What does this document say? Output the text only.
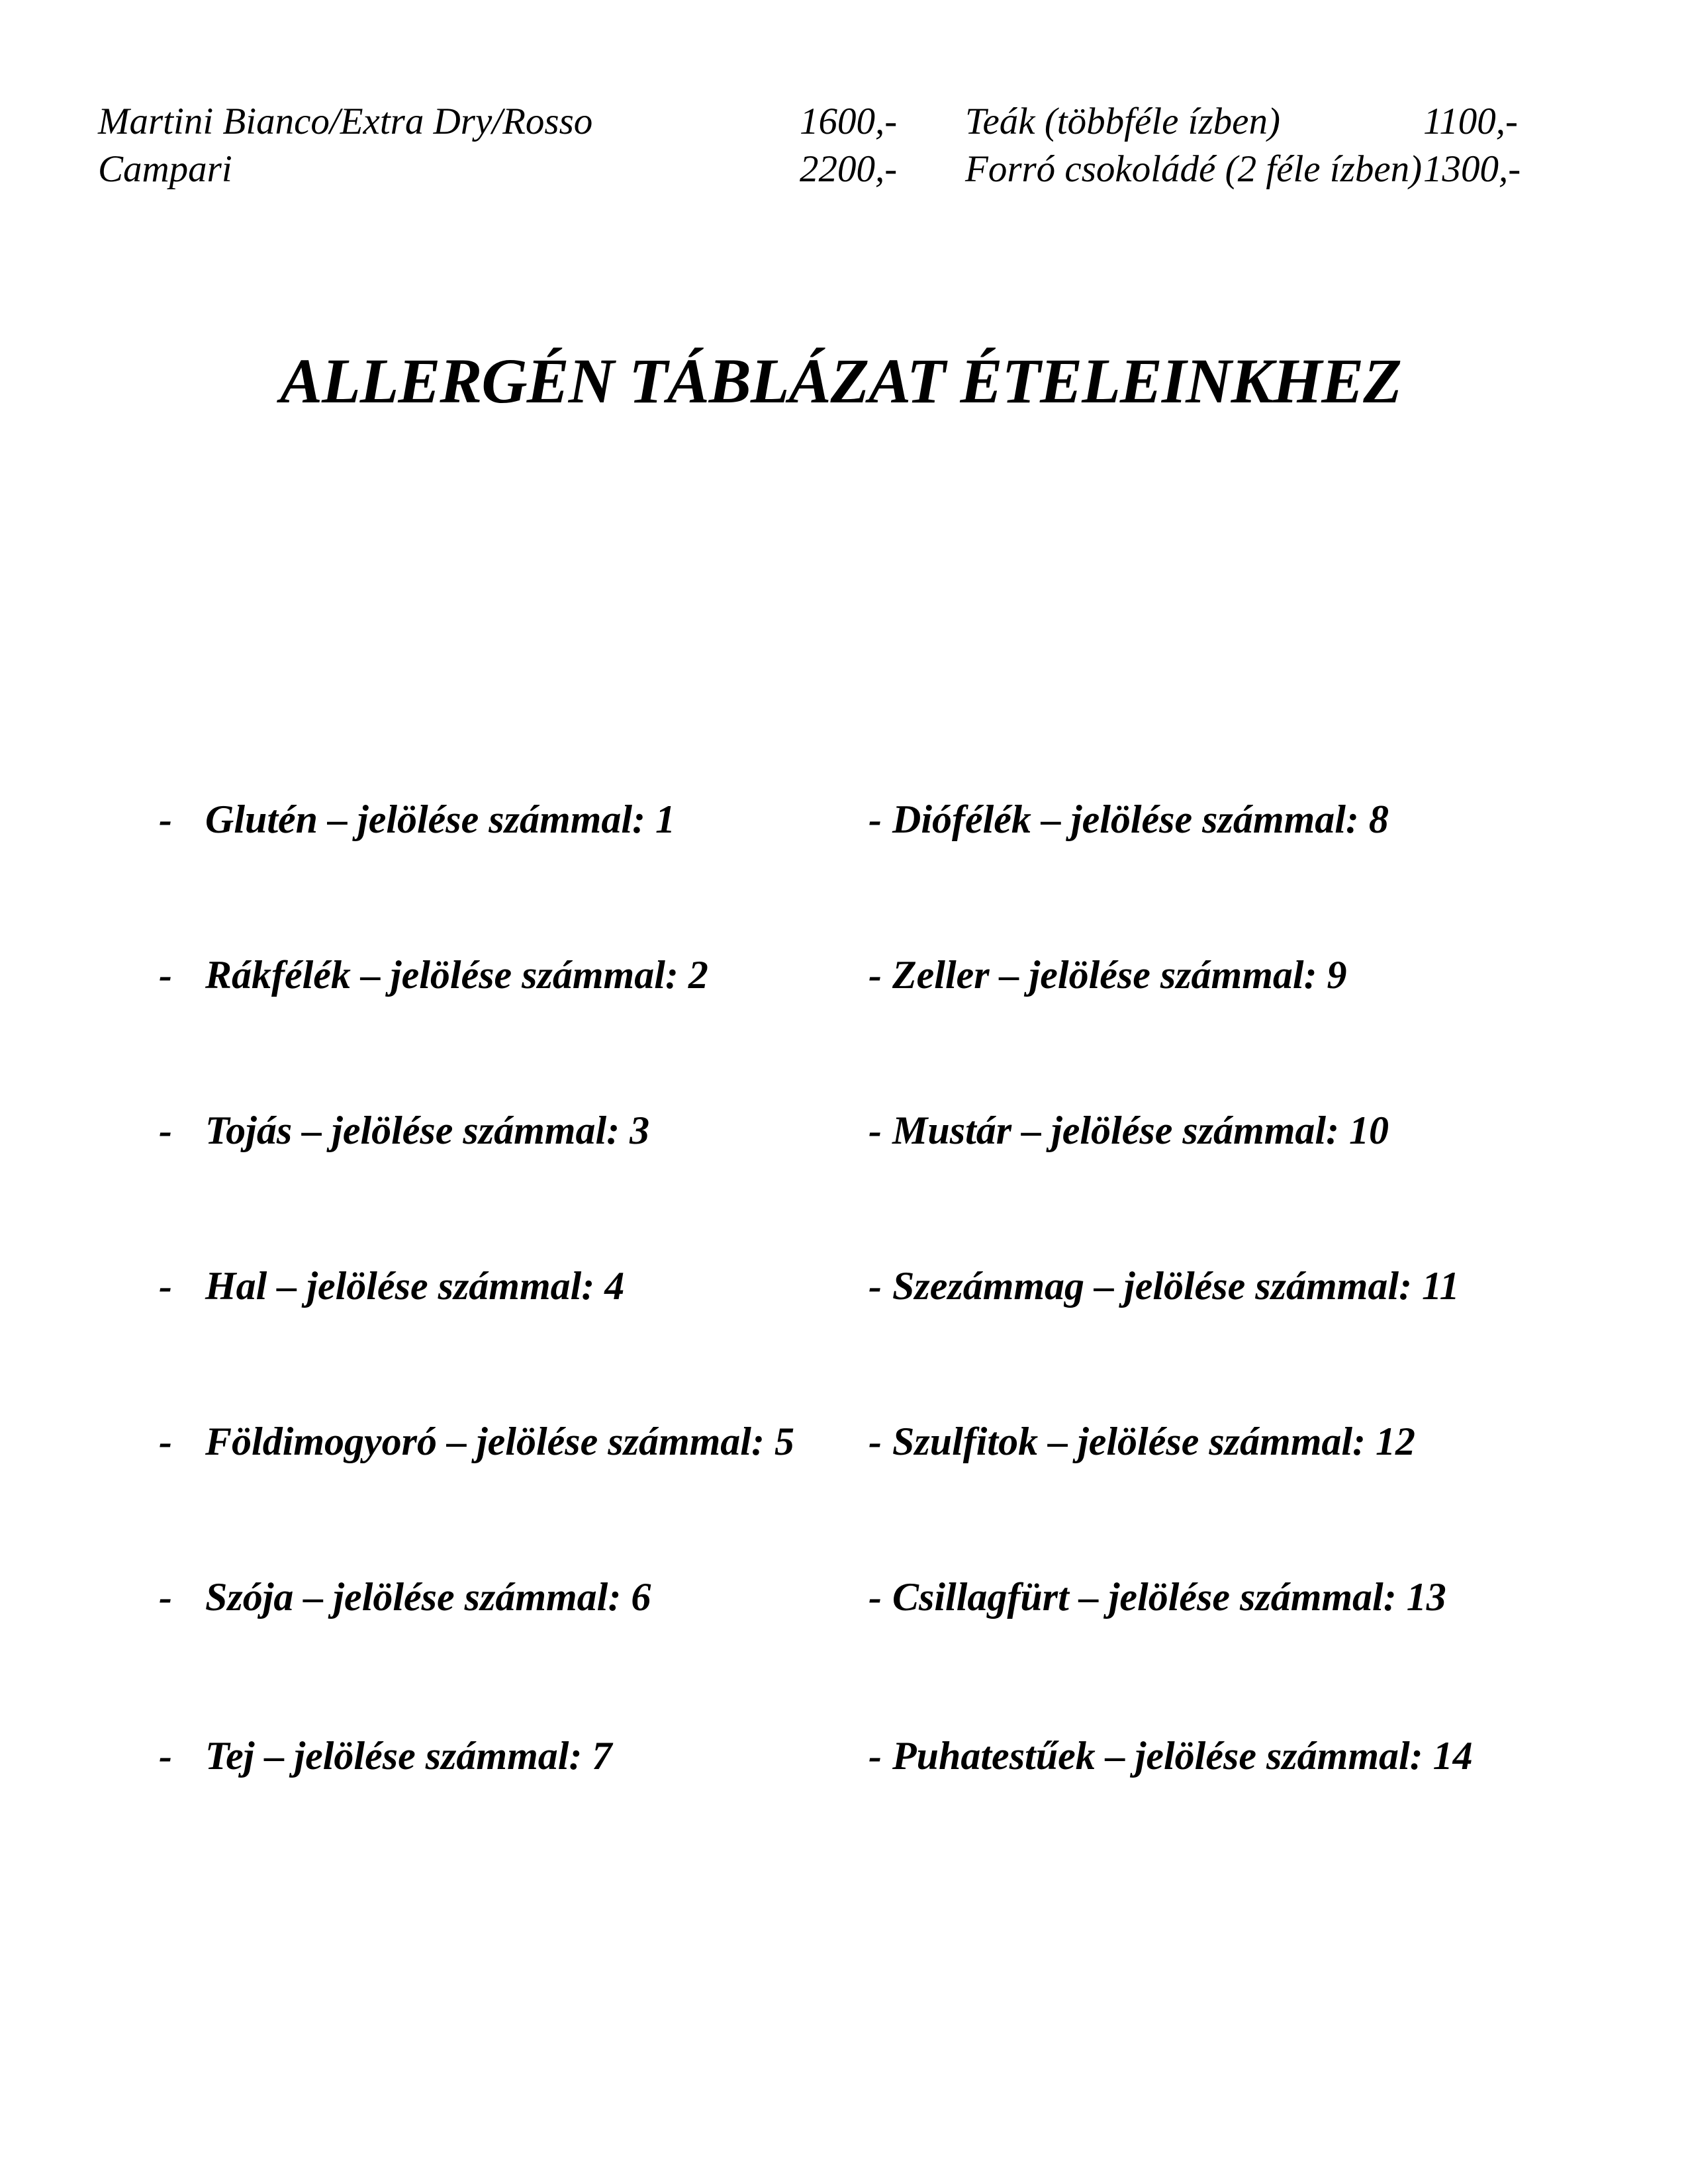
Martini Bianco/Extra Dry/Rosso	1600,- Teák (többféle ízben)	1100,-
Campari	2200,- Forró csokoládé (2 féle ízben) 1300,-
ALLERGÉN TÁBLÁZAT ÉTELEINKHEZ
- Glutén – jelölése számmal: 1
- Rákfélék – jelölése számmal: 2
- Tojás – jelölése számmal: 3
- Hal – jelölése számmal: 4
- Földimogyoró – jelölése számmal: 5
- Szója – jelölése számmal: 6
- Tej – jelölése számmal: 7
- Diófélék – jelölése számmal: 8
- Zeller – jelölése számmal: 9
- Mustár – jelölése számmal: 10
- Szezámmag – jelölése számmal: 11
- Szulfitok – jelölése számmal: 12
- Csillagfürt – jelölése számmal: 13
- Puhatestűek – jelölése számmal: 14
